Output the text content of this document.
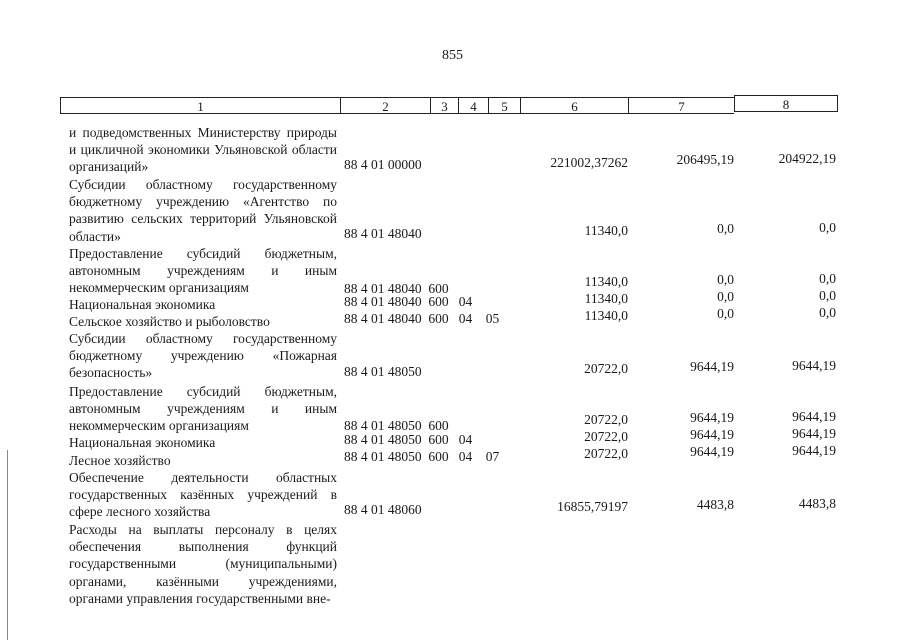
855
1	2	3	4	5	6	7	8
и подведомственных Министерству природы и цикличной экономики Ульяновской области организаций»	88 4 01 00000	221002,37262	206495,19	204922,19
Субсидии областному государственному бюджетному учреждению «Агентство по развитию сельских территорий Ульяновской области»	88 4 01 48040	11340,0	0,0	0,0
Предоставление субсидий бюджетным, автономным учреждениям и иным некоммерческим организациям	88 4 01 48040  600	11340,0	0,0	0,0
Национальная экономика	88 4 01 48040  600   04	11340,0	0,0	0,0
Сельское хозяйство и рыболовство	88 4 01 48040  600   04    05	11340,0	0,0	0,0
Субсидии областному государственному бюджетному учреждению «Пожарная безопасность»	88 4 01 48050	20722,0	9644,19	9644,19
Предоставление субсидий бюджетным, автономным учреждениям и иным некоммерческим организациям	88 4 01 48050  600	20722,0	9644,19	9644,19
Национальная экономика	88 4 01 48050  600   04	20722,0	9644,19	9644,19
Лесное хозяйство	88 4 01 48050  600   04    07	20722,0	9644,19	9644,19
Обеспечение деятельности областных государственных казённых учреждений в сфере лесного хозяйства	88 4 01 48060	16855,79197	4483,8	4483,8
Расходы на выплаты персоналу в целях обеспечения выполнения функций государственными (муниципальными) органами, казёнными учреждениями, органами управления государственными вне-
